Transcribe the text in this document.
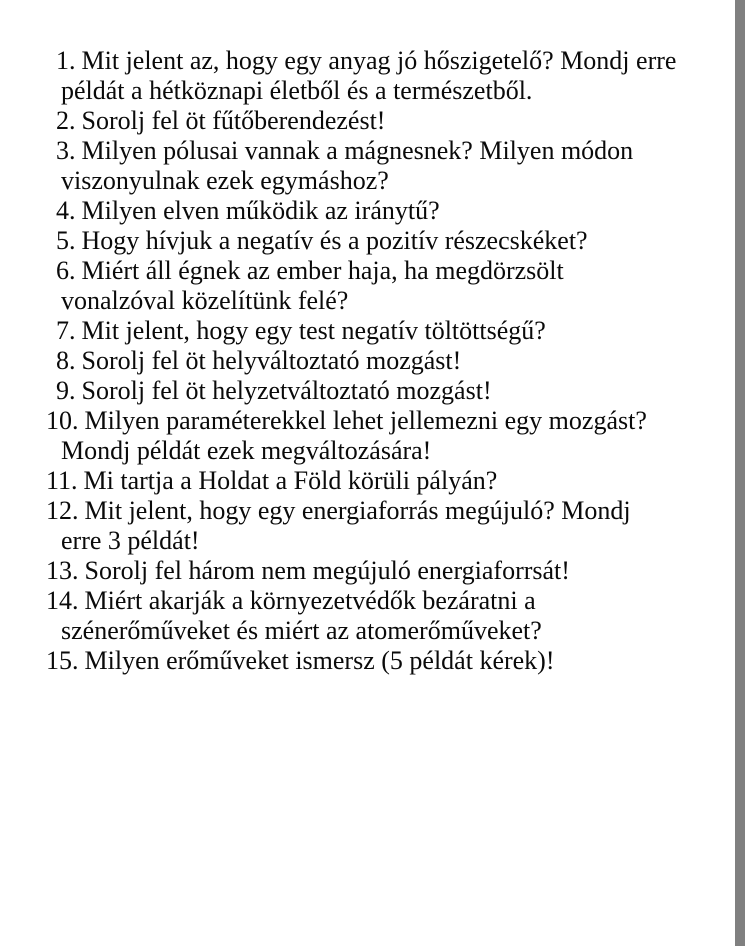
1. Mit jelent az, hogy egy anyag jó hőszigetelő? Mondj erre
példát a hétköznapi életből és a természetből.
2. Sorolj fel öt fűtőberendezést!
3. Milyen pólusai vannak a mágnesnek? Milyen módon
viszonyulnak ezek egymáshoz?
4. Milyen elven működik az iránytű?
5. Hogy hívjuk a negatív és a pozitív részecskéket?
6. Miért áll égnek az ember haja, ha megdörzsölt
vonalzóval közelítünk felé?
7. Mit jelent, hogy egy test negatív töltöttségű?
8. Sorolj fel öt helyváltoztató mozgást!
9. Sorolj fel öt helyzetváltoztató mozgást!
10. Milyen paraméterekkel lehet jellemezni egy mozgást?
Mondj példát ezek megváltozására!
11. Mi tartja a Holdat a Föld körüli pályán?
12. Mit jelent, hogy egy energiaforrás megújuló? Mondj
erre 3 példát!
13. Sorolj fel három nem megújuló energiaforrsát!
14. Miért akarják a környezetvédők bezáratni a
szénerőműveket és miért az atomerőműveket?
15. Milyen erőműveket ismersz (5 példát kérek)!
